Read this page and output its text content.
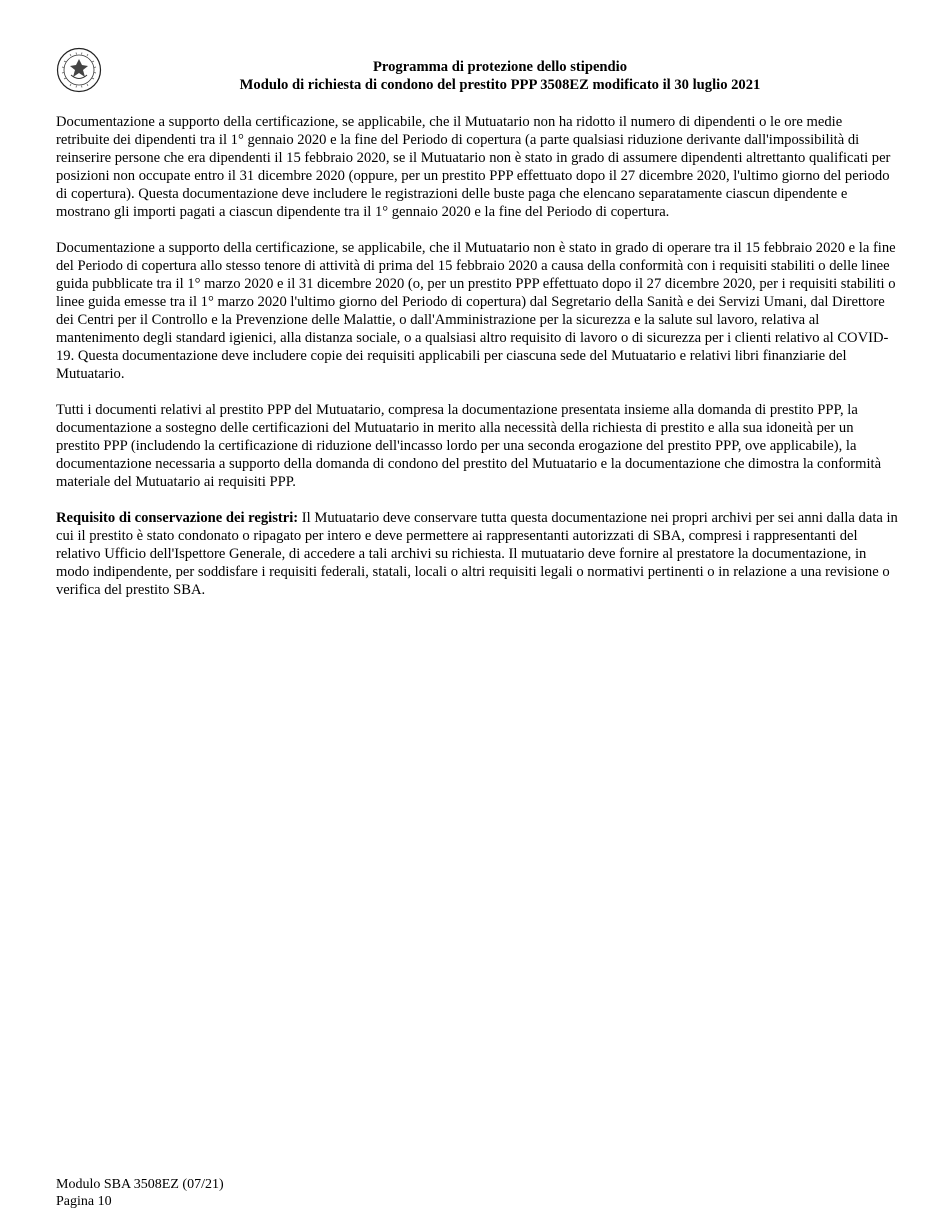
Programma di protezione dello stipendio
Modulo di richiesta di condono del prestito PPP 3508EZ modificato il 30 luglio 2021

Documentazione a supporto della certificazione, se applicabile, che il Mutuatario non ha ridotto il numero di dipendenti o le ore medie retribuite dei dipendenti tra il 1° gennaio 2020 e la fine del Periodo di copertura (a parte qualsiasi riduzione derivante dall'impossibilità di reinserire persone che era dipendenti il 15 febbraio 2020, se il Mutuatario non è stato in grado di assumere dipendenti altrettanto qualificati per posizioni non occupate entro il 31 dicembre 2020 (oppure, per un prestito PPP effettuato dopo il 27 dicembre 2020, l'ultimo giorno del periodo di copertura). Questa documentazione deve includere le registrazioni delle buste paga che elencano separatamente ciascun dipendente e mostrano gli importi pagati a ciascun dipendente tra il 1° gennaio 2020 e la fine del Periodo di copertura.

Documentazione a supporto della certificazione, se applicabile, che il Mutuatario non è stato in grado di operare tra il 15 febbraio 2020 e la fine del Periodo di copertura allo stesso tenore di attività di prima del 15 febbraio 2020 a causa della conformità con i requisiti stabiliti o delle linee guida pubblicate tra il 1° marzo 2020 e il 31 dicembre 2020 (o, per un prestito PPP effettuato dopo il 27 dicembre 2020, per i requisiti stabiliti o linee guida emesse tra il 1° marzo 2020 l'ultimo giorno del Periodo di copertura) dal Segretario della Sanità e dei Servizi Umani, dal Direttore dei Centri per il Controllo e la Prevenzione delle Malattie, o dall'Amministrazione per la sicurezza e la salute sul lavoro, relativa al mantenimento degli standard igienici, alla distanza sociale, o a qualsiasi altro requisito di lavoro o di sicurezza per i clienti relativo al COVID-19. Questa documentazione deve includere copie dei requisiti applicabili per ciascuna sede del Mutuatario e relativi libri finanziarie del Mutuatario.

Tutti i documenti relativi al prestito PPP del Mutuatario, compresa la documentazione presentata insieme alla domanda di prestito PPP, la documentazione a sostegno delle certificazioni del Mutuatario in merito alla necessità della richiesta di prestito e alla sua idoneità per un prestito PPP (includendo la certificazione di riduzione dell'incasso lordo per una seconda erogazione del prestito PPP, ove applicabile), la documentazione necessaria a supporto della domanda di condono del prestito del Mutuatario e la documentazione che dimostra la conformità materiale del Mutuatario ai requisiti PPP.

Requisito di conservazione dei registri: Il Mutuatario deve conservare tutta questa documentazione nei propri archivi per sei anni dalla data in cui il prestito è stato condonato o ripagato per intero e deve permettere ai rappresentanti autorizzati di SBA, compresi i rappresentanti del relativo Ufficio dell'Ispettore Generale, di accedere a tali archivi su richiesta. Il mutuatario deve fornire al prestatore la documentazione, in modo indipendente, per soddisfare i requisiti federali, statali, locali o altri requisiti legali o normativi pertinenti o in relazione a una revisione o verifica del prestito SBA.

Modulo SBA 3508EZ (07/21)
Pagina 10
